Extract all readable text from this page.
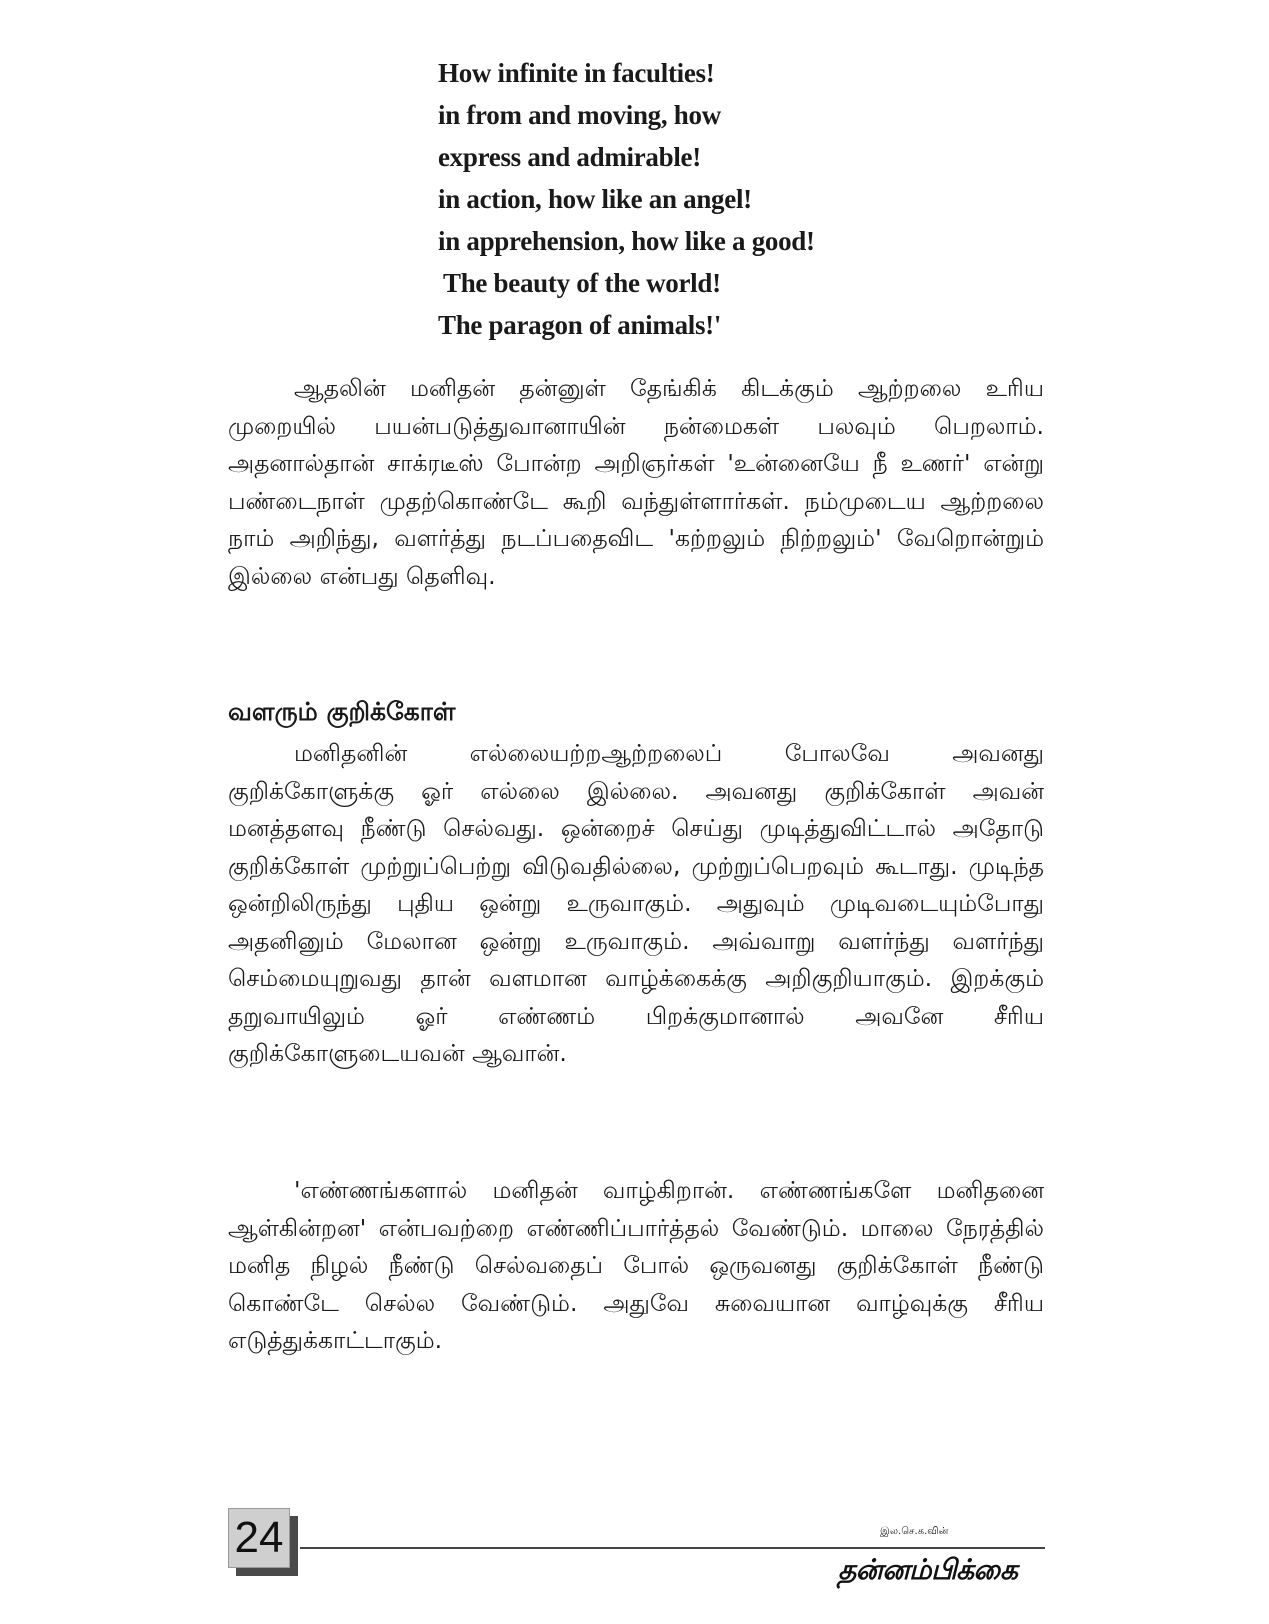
How infinite in faculties!
in from and moving, how
express and admirable!
in action, how like an angel!
in apprehension, how like a good!
The beauty of the world!
The paragon of animals!'

ஆதலின் மனிதன் தன்னுள் தேங்கிக் கிடக்கும் ஆற்றலை உரிய முறையில் பயன்படுத்துவானாயின் நன்மைகள் பலவும் பெறலாம். அதனால்தான் சாக்ரடீஸ் போன்ற அறிஞர்கள் 'உன்னையே நீ உணர்' என்று பண்டைநாள் முதற்கொண்டே கூறி வந்துள்ளார்கள். நம்முடைய ஆற்றலை நாம் அறிந்து, வளர்த்து நடப்பதைவிட 'கற்றலும் நிற்றலும்' வேறொன்றும் இல்லை என்பது தெளிவு.

வளரும் குறிக்கோள்

மனிதனின் எல்லையற்றஆற்றலைப் போலவே அவனது குறிக்கோளுக்கு ஓர் எல்லை இல்லை. அவனது குறிக்கோள் அவன் மனத்தளவு நீண்டு செல்வது. ஒன்றைச் செய்து முடித்துவிட்டால் அதோடு குறிக்கோள் முற்றுப்பெற்று விடுவதில்லை, முற்றுப்பெறவும் கூடாது. முடிந்த ஒன்றிலிருந்து புதிய ஒன்று உருவாகும். அதுவும் முடிவடையும்போது அதனினும் மேலான ஒன்று உருவாகும். அவ்வாறு வளர்ந்து வளர்ந்து செம்மையுறுவது தான் வளமான வாழ்க்கைக்கு அறிகுறியாகும். இறக்கும் தறுவாயிலும் ஓர் எண்ணம் பிறக்குமானால் அவனே சீரிய குறிக்கோளுடையவன் ஆவான்.

'எண்ணங்களால் மனிதன் வாழ்கிறான். எண்ணங்களே மனிதனை ஆள்கின்றன' என்பவற்றை எண்ணிப்பார்த்தல் வேண்டும். மாலை நேரத்தில் மனித நிழல் நீண்டு செல்வதைப் போல் ஒருவனது குறிக்கோள் நீண்டு கொண்டே செல்ல வேண்டும். அதுவே சுவையான வாழ்வுக்கு சீரிய எடுத்துக்காட்டாகும்.

24	இல.செ.க.வின்
தன்னம்பிக்கை
